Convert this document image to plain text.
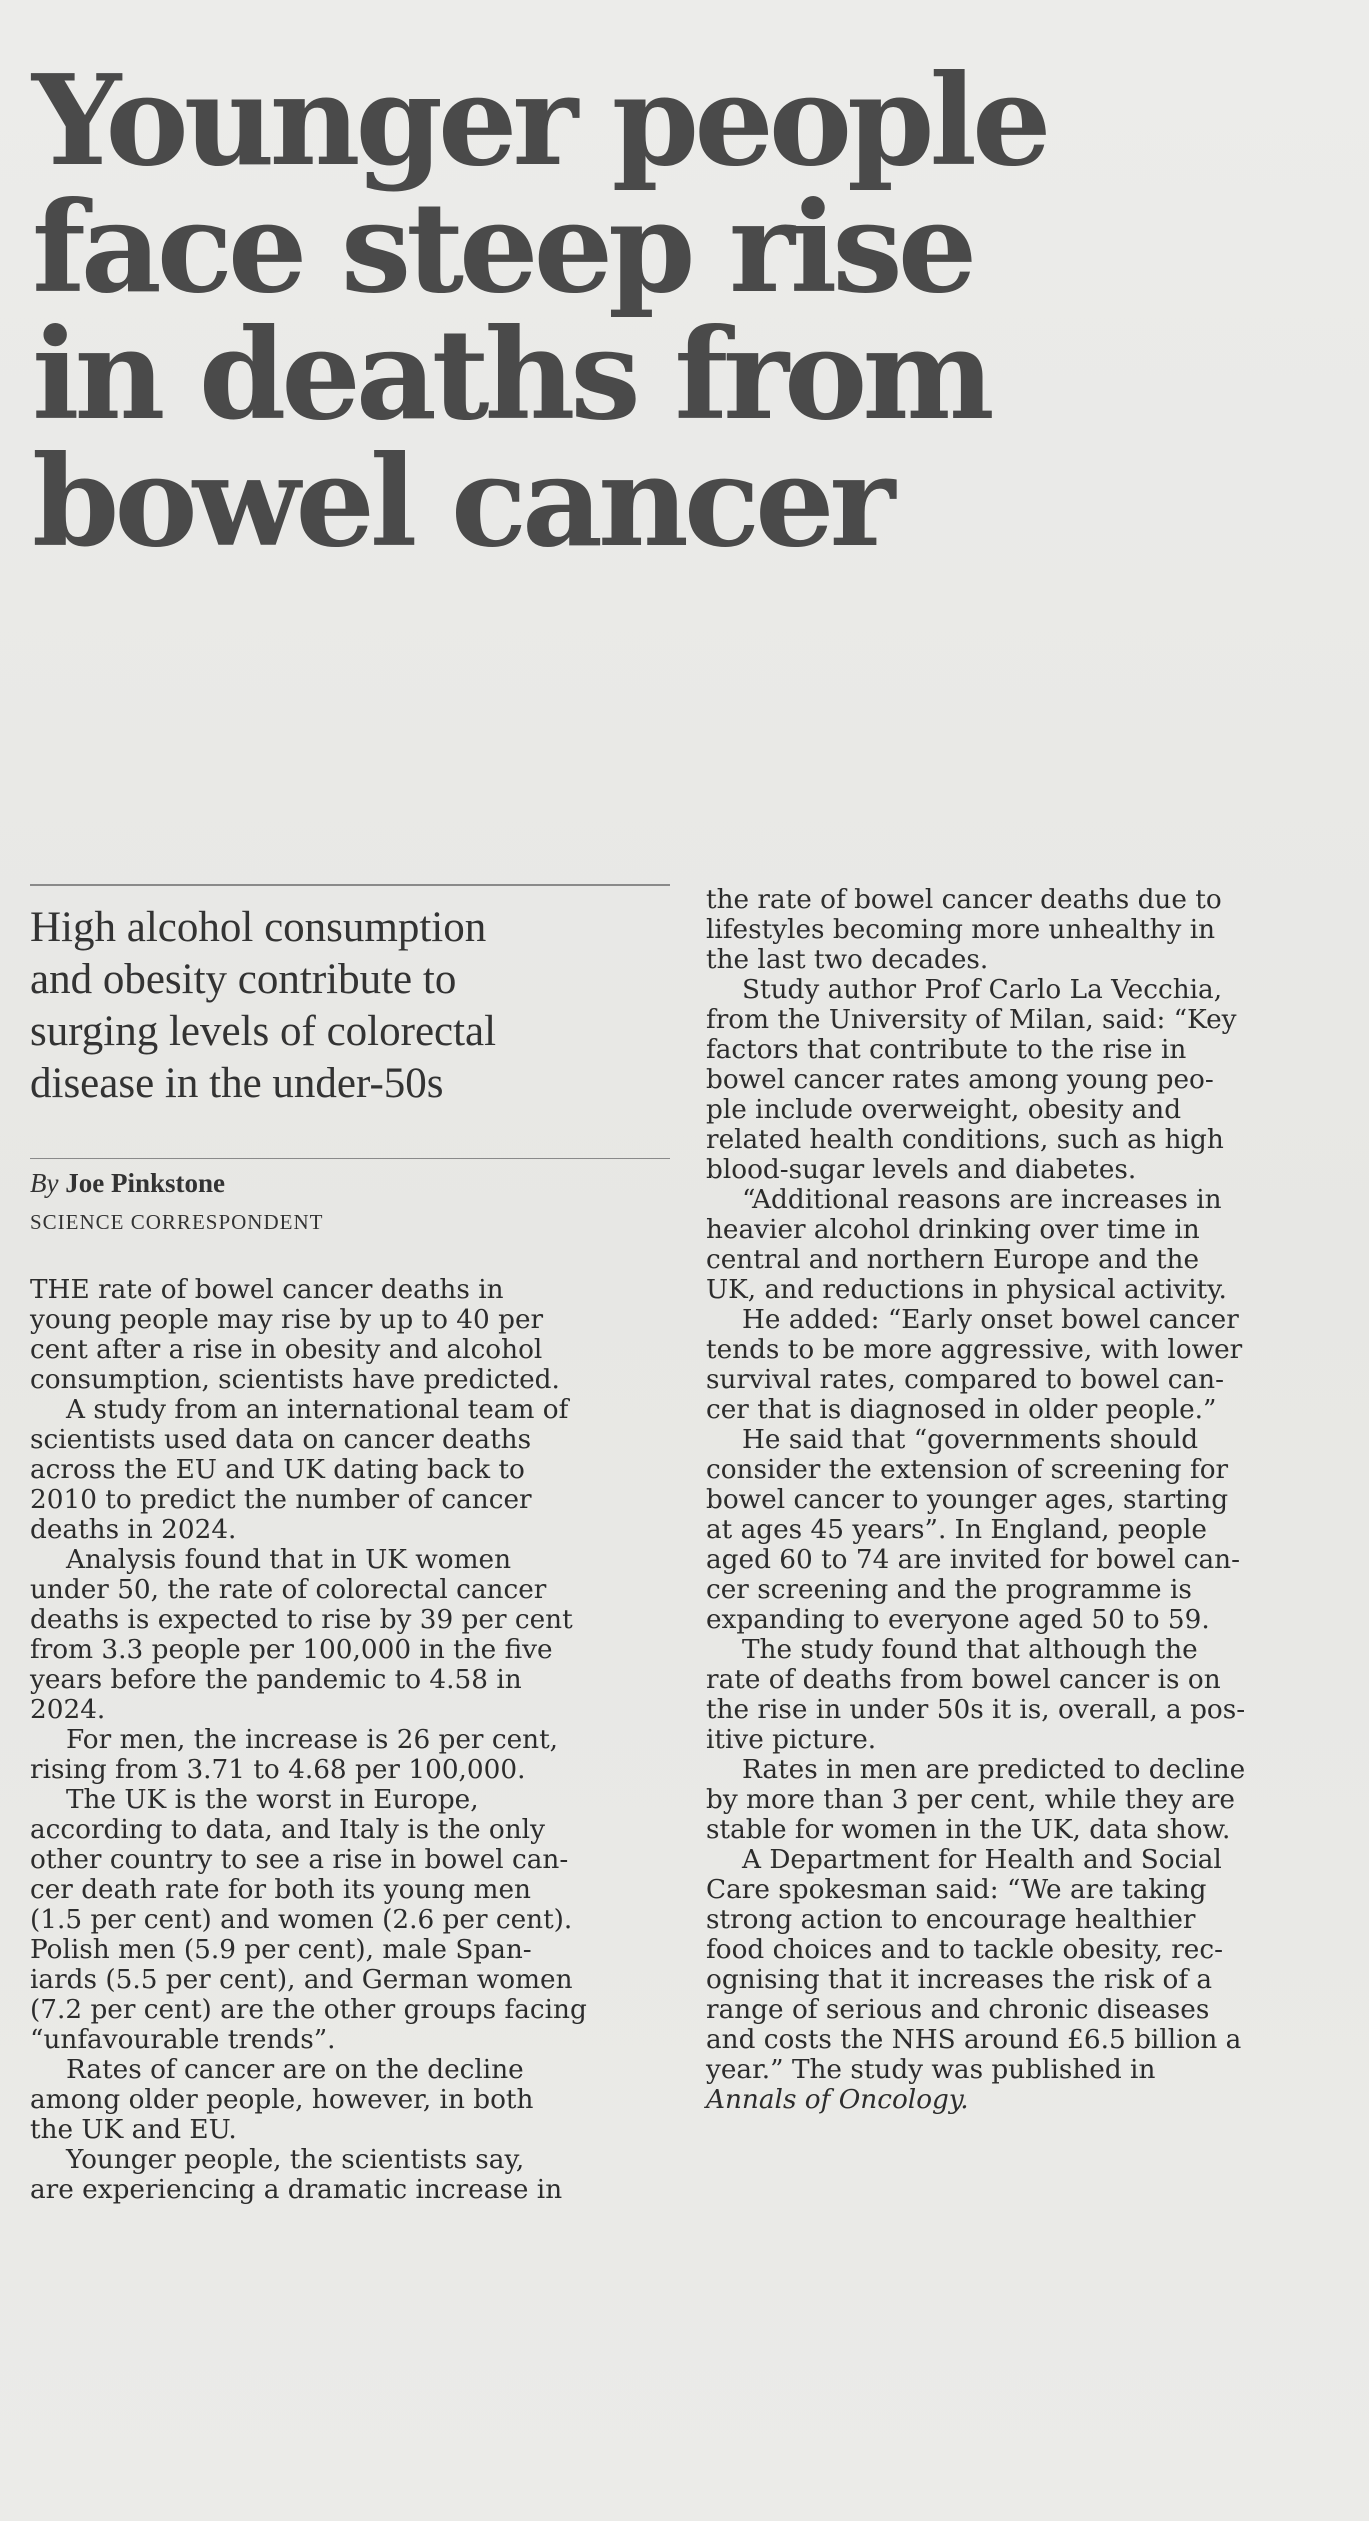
Younger people
face steep rise
in deaths from
bowel cancer
High alcohol consumption
and obesity contribute to
surging levels of colorectal
disease in the under-50s
By Joe Pinkstone
SCIENCE CORRESPONDENT
THE rate of bowel cancer deaths in
young people may rise by up to 40 per
cent after a rise in obesity and alcohol
consumption, scientists have predicted.
A study from an international team of
scientists used data on cancer deaths
across the EU and UK dating back to
2010 to predict the number of cancer
deaths in 2024.
Analysis found that in UK women
under 50, the rate of colorectal cancer
deaths is expected to rise by 39 per cent
from 3.3 people per 100,000 in the five
years before the pandemic to 4.58 in
2024.
For men, the increase is 26 per cent,
rising from 3.71 to 4.68 per 100,000.
The UK is the worst in Europe,
according to data, and Italy is the only
other country to see a rise in bowel can-
cer death rate for both its young men
(1.5 per cent) and women (2.6 per cent).
Polish men (5.9 per cent), male Span-
iards (5.5 per cent), and German women
(7.2 per cent) are the other groups facing
“unfavourable trends”.
Rates of cancer are on the decline
among older people, however, in both
the UK and EU.
Younger people, the scientists say,
are experiencing a dramatic increase in
the rate of bowel cancer deaths due to
lifestyles becoming more unhealthy in
the last two decades.
Study author Prof Carlo La Vecchia,
from the University of Milan, said: “Key
factors that contribute to the rise in
bowel cancer rates among young peo-
ple include overweight, obesity and
related health conditions, such as high
blood-sugar levels and diabetes.
“Additional reasons are increases in
heavier alcohol drinking over time in
central and northern Europe and the
UK, and reductions in physical activity.
He added: “Early onset bowel cancer
tends to be more aggressive, with lower
survival rates, compared to bowel can-
cer that is diagnosed in older people.”
He said that “governments should
consider the extension of screening for
bowel cancer to younger ages, starting
at ages 45 years”. In England, people
aged 60 to 74 are invited for bowel can-
cer screening and the programme is
expanding to everyone aged 50 to 59.
The study found that although the
rate of deaths from bowel cancer is on
the rise in under 50s it is, overall, a pos-
itive picture.
Rates in men are predicted to decline
by more than 3 per cent, while they are
stable for women in the UK, data show.
A Department for Health and Social
Care spokesman said: “We are taking
strong action to encourage healthier
food choices and to tackle obesity, rec-
ognising that it increases the risk of a
range of serious and chronic diseases
and costs the NHS around £6.5 billion a
year.” The study was published in
Annals of Oncology.
